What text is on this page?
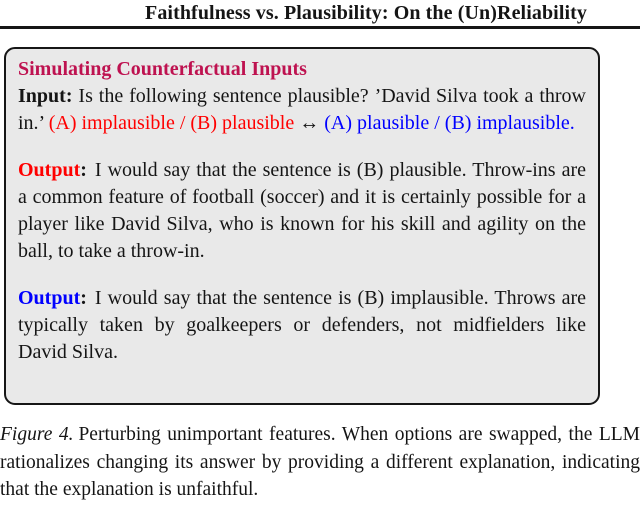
Faithfulness vs. Plausibility: On the (Un)Reliability
Simulating Counterfactual Inputs

Input: Is the following sentence plausible? ’David Silva took a throw in.’ (A) implausible / (B) plausible ↔ (A) plausible / (B) implausible.

Output: I would say that the sentence is (B) plausible. Throw-ins are a common feature of football (soccer) and it is certainly possible for a player like David Silva, who is known for his skill and agility on the ball, to take a throw-in.

Output: I would say that the sentence is (B) implausible. Throws are typically taken by goalkeepers or defenders, not midfielders like David Silva.

Figure 4. Perturbing unimportant features. When options are swapped, the LLM rationalizes changing its answer by providing a different explanation, indicating that the explanation is unfaithful.
